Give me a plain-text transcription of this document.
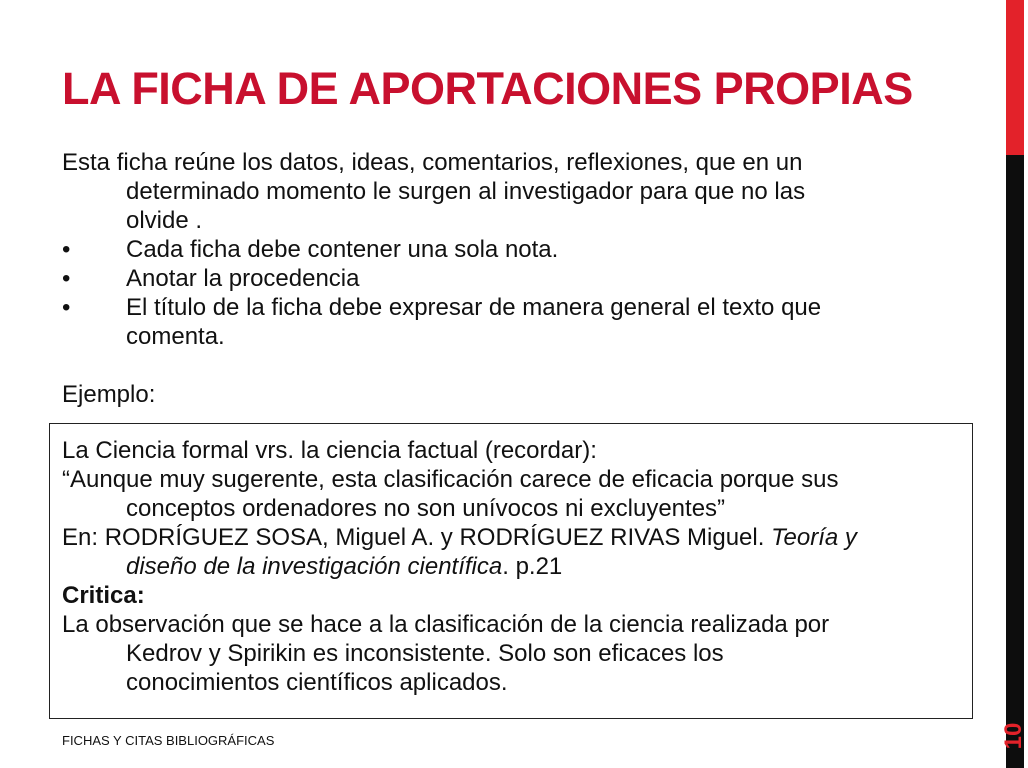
LA FICHA DE APORTACIONES PROPIAS
Esta ficha reúne los datos, ideas, comentarios, reflexiones, que en un
determinado momento le surgen al investigador para que no las
olvide .
•	Cada ficha debe contener una sola nota.
•	Anotar la procedencia
•	El título de la ficha debe expresar de manera general el texto que
comenta.
Ejemplo:
La Ciencia formal vrs. la ciencia factual (recordar):
“Aunque muy sugerente, esta clasificación carece de eficacia porque sus
conceptos ordenadores no son unívocos ni excluyentes”
En: RODRÍGUEZ SOSA, Miguel A. y RODRÍGUEZ RIVAS Miguel. Teoría y
diseño de la investigación científica. p.21
Critica:
La observación que se hace a la clasificación de la ciencia realizada por
Kedrov y Spirikin es inconsistente. Solo son eficaces los
conocimientos científicos aplicados.
FICHAS Y CITAS BIBLIOGRÁFICAS	10
